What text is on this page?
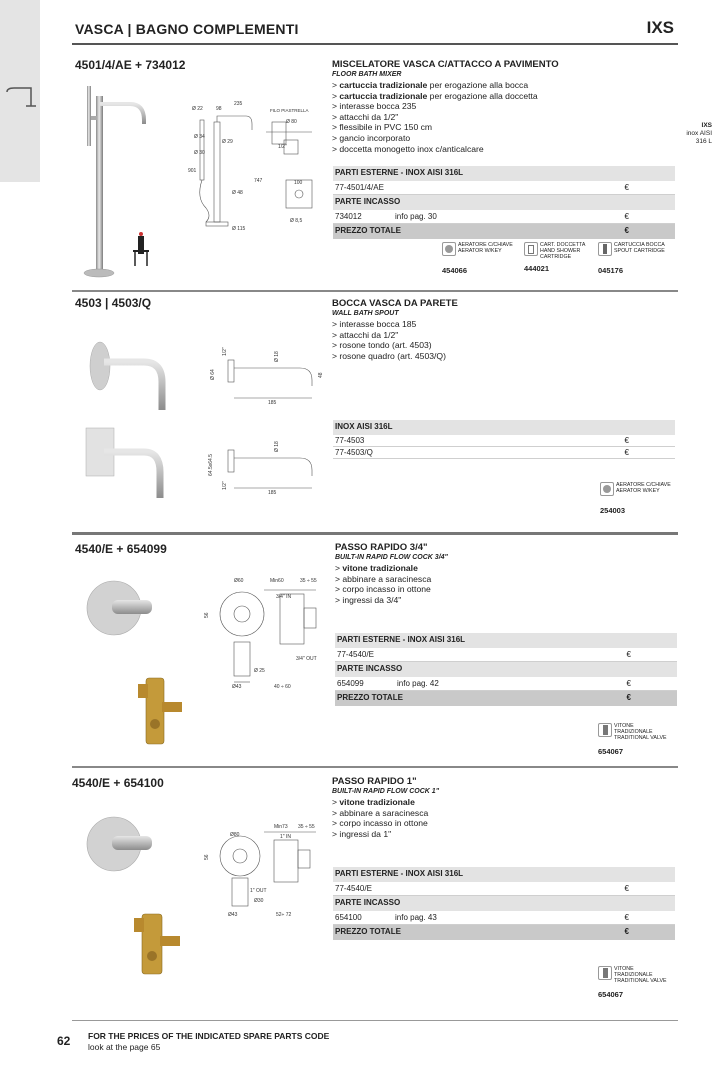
IXS
inox AISI
316 L
VASCA | BAGNO COMPLEMENTI	IXS
4501/4/AE + 734012
Ø 22	98
235
FILO PIASTRELLA
Ø 80
Ø 34
Ø 29
Ø 30
1/2"
901
747
Ø 48
Ø 115
100
Ø 8,5
MISCELATORE VASCA C/ATTACCO A PAVIMENTO
FLOOR BATH MIXER
> cartuccia tradizionale per erogazione alla bocca
> cartuccia tradizionale per erogazione alla doccetta
> interasse bocca 235
> attacchi da 1/2"
> flessibile in PVC 150 cm
> gancio incorporato
> doccetta monogetto inox c/anticalcare
PARTI ESTERNE - INOX AISI 316L
77-4501/4/AE	€
PARTE INCASSO
734012	info pag. 30	€
PREZZO TOTALE	€
AERATORE C/CHIAVE
AERATOR W/KEY
454066
CART. DOCCETTA
HAND SHOWER
CARTRIDGE
444021
CARTUCCIA BOCCA
SPOUT CARTRIDGE
045176
4503 | 4503/Q
Ø 64
1/2"	Ø 18
48
185
64.5x64.5
1/2"
Ø 18
185
BOCCA VASCA DA PARETE
WALL BATH SPOUT
> interasse bocca 185
> attacchi da 1/2"
> rosone tondo (art. 4503)
> rosone quadro (art. 4503/Q)
INOX AISI 316L
77-4503	€
77-4503/Q	€
AERATORE C/CHIAVE
AERATOR W/KEY
254003
4540/E + 654099
Ø60	Min60	35 ÷ 55
3/4" IN
56
3/4" OUT
Ø 25
Ø43	40 ÷ 60
PASSO RAPIDO 3/4"
BUILT-IN RAPID FLOW COCK 3/4"
> vitone tradizionale
> abbinare a saracinesca
> corpo incasso in ottone
> ingressi da 3/4"
PARTI ESTERNE - INOX AISI 316L
77-4540/E	€
PARTE INCASSO
654099	info pag. 42	€
PREZZO TOTALE	€
VITONE
TRADIZIONALE
TRADITIONAL VALVE
654067
4540/E + 654100
Ø80
Min73 35 ÷ 55
1" IN
56
1" OUT
Ø30
Ø43	52÷ 72
PASSO RAPIDO 1"
BUILT-IN RAPID FLOW COCK 1"
> vitone tradizionale
> abbinare a saracinesca
> corpo incasso in ottone
> ingressi da 1"
PARTI ESTERNE - INOX AISI 316L
77-4540/E	€
PARTE INCASSO
654100	info pag. 43	€
PREZZO TOTALE	€
VITONE
TRADIZIONALE
TRADITIONAL VALVE
654067
62 FOR THE PRICES OF THE INDICATED SPARE PARTS CODE
look at the page 65
